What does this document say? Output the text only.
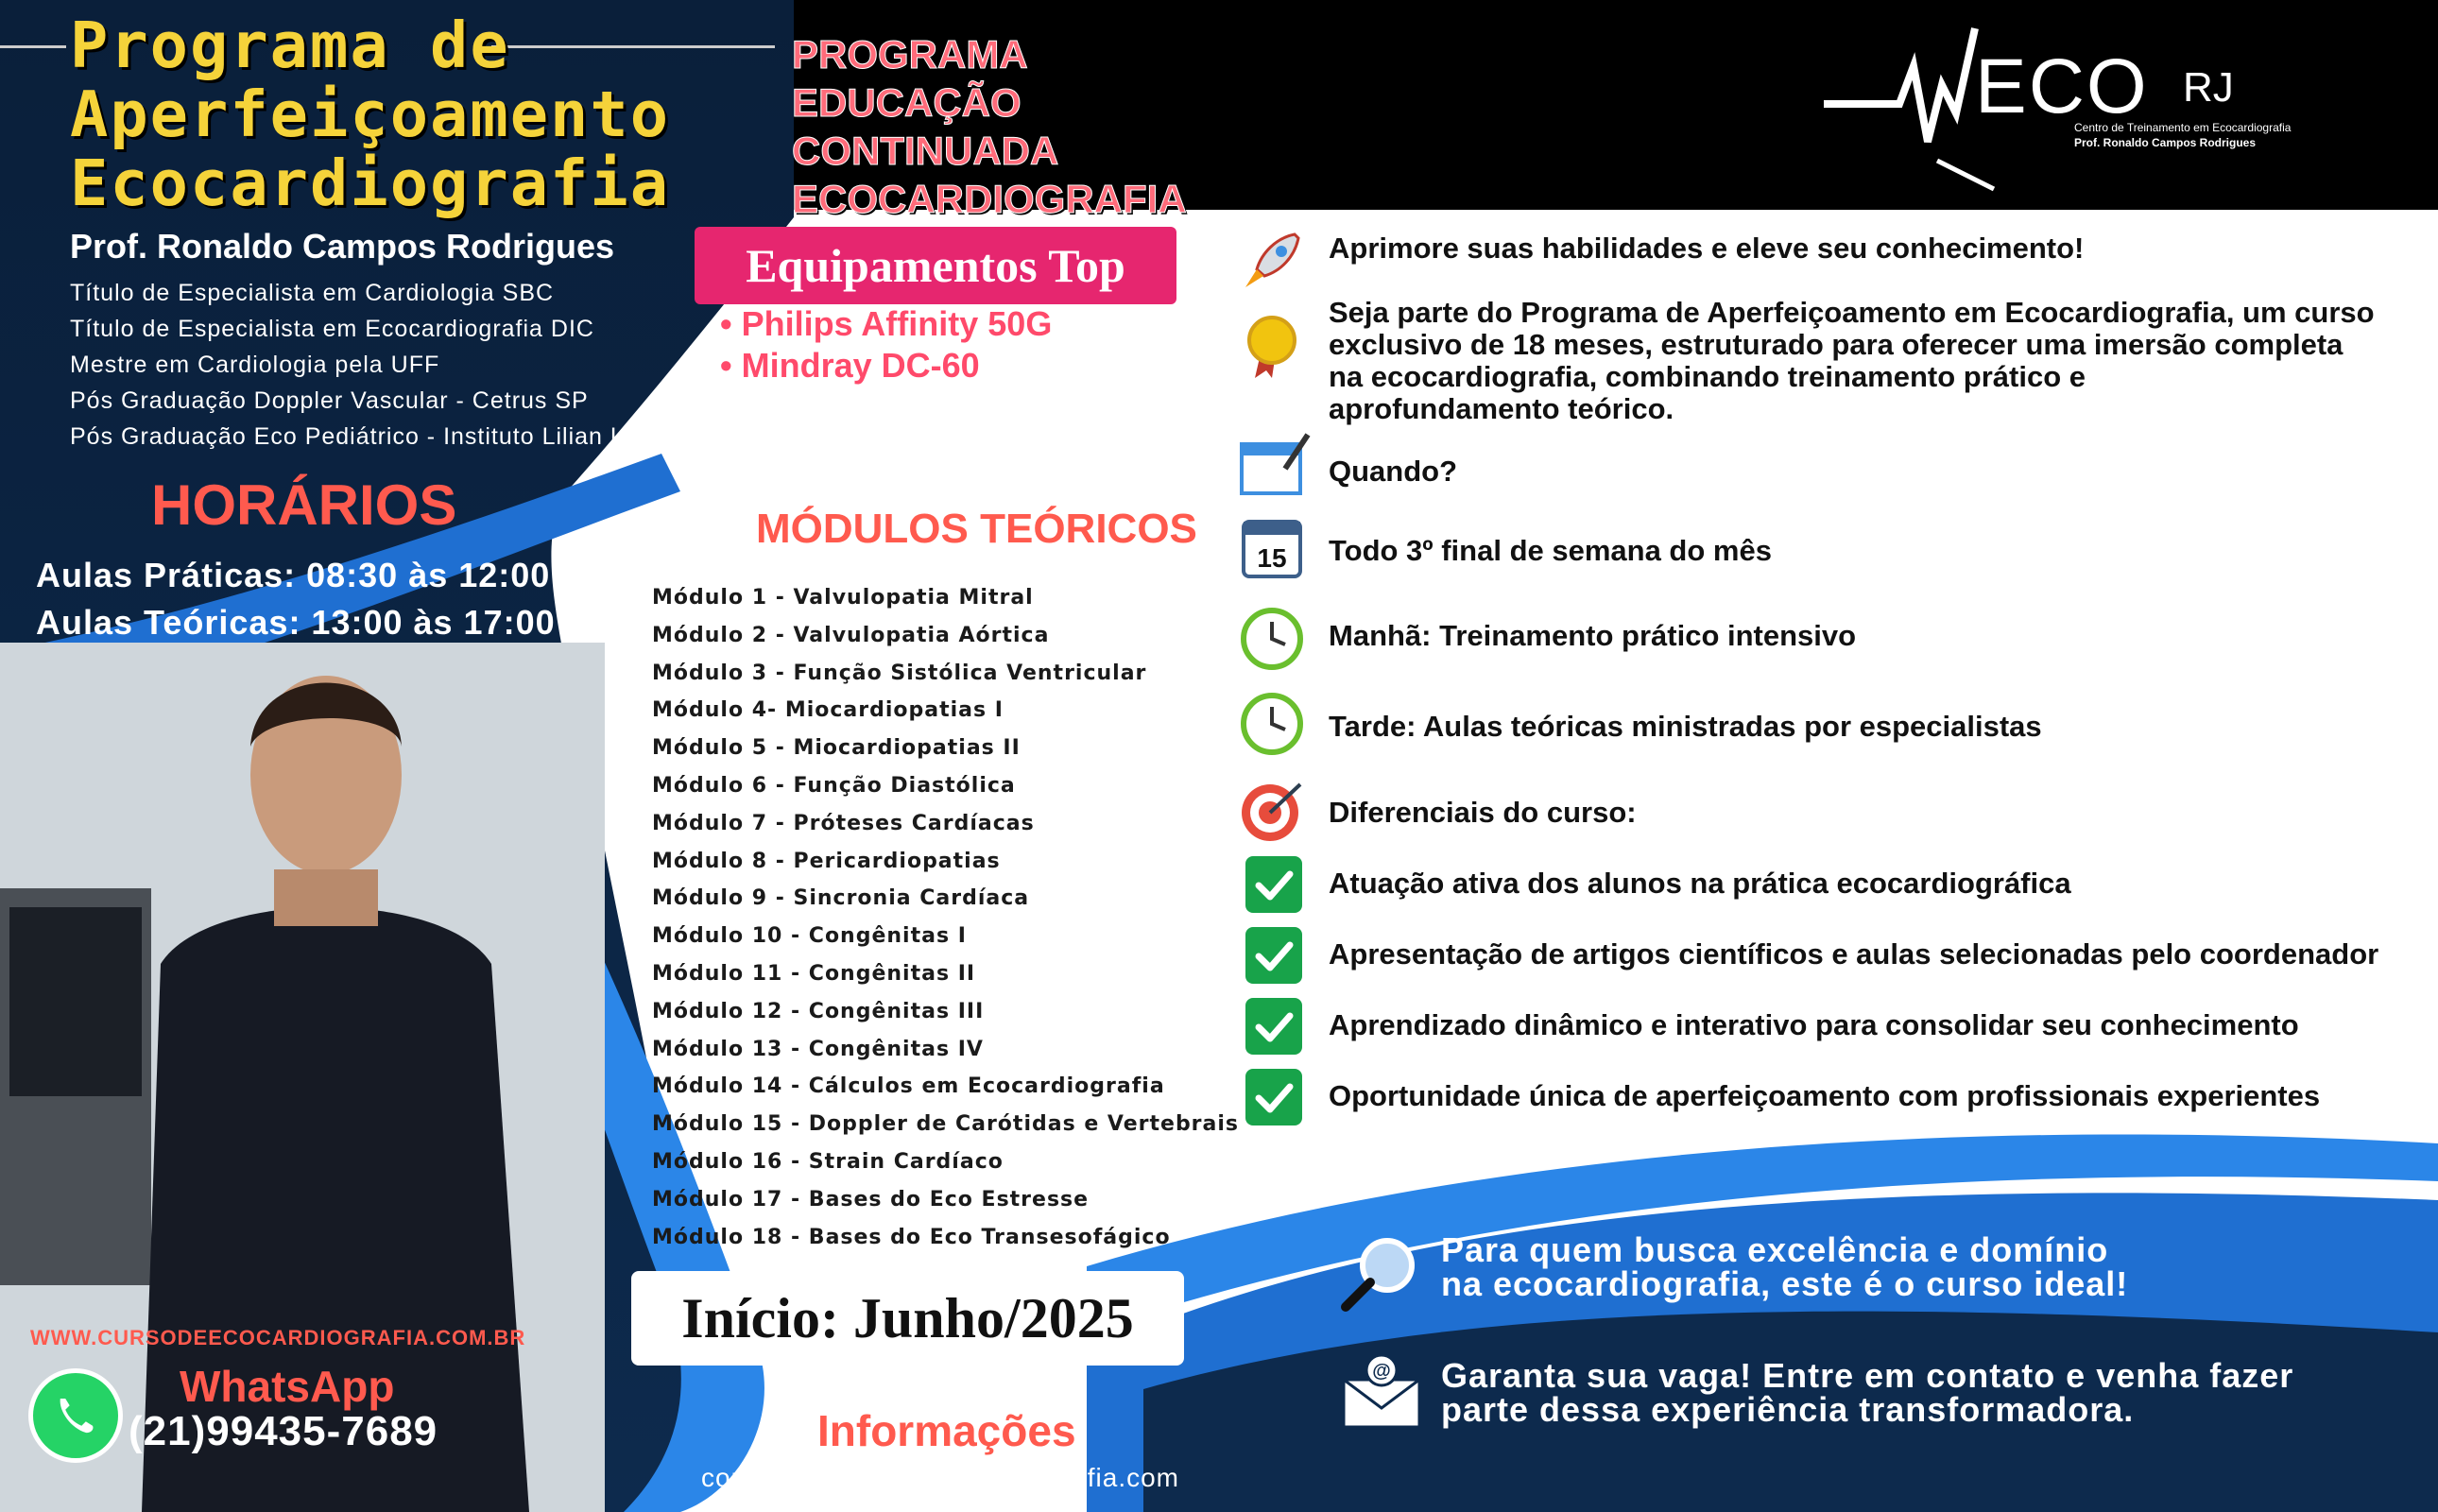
Programa de
Aperfeiçoamento
Ecocardiografia
Prof. Ronaldo Campos Rodrigues
Título de Especialista em Cardiologia SBC
Título de Especialista em Ecocardiografia DIC
Mestre em Cardiologia pela UFF
Pós Graduação Doppler Vascular - Cetrus SP
Pós Graduação Eco Pediátrico - Instituto Lilian Lopes SP
HORÁRIOS
Aulas Práticas: 08:30 às 12:00
Aulas Teóricas: 13:00 às 17:00
PROGRAMA
EDUCAÇÃO
CONTINUADA
ECOCARDIOGRAFIA
ECO RJ
Centro de Treinamento em Ecocardiografia
Prof. Ronaldo Campos Rodrigues
Equipamentos Top
• Philips Affinity 50G
• Mindray DC-60
MÓDULOS TEÓRICOS
Início: Junho/2025
WWW.CURSODEECOCARDIOGRAFIA.COM.BR
WhatsApp
(21)99435-7689	Informações
contato@cursodeecocardiografia.com
Aprimore suas habilidades e eleve seu conhecimento!
Seja parte do Programa de Aperfeiçoamento em Ecocardiografia, um curso
exclusivo de 18 meses, estruturado para oferecer uma imersão completa
na ecocardiografia, combinando treinamento prático e
aprofundamento teórico.
Quando?
15 Todo 3º final de semana do mês
Manhã: Treinamento prático intensivo
Tarde: Aulas teóricas ministradas por especialistas
Diferenciais do curso:
Para quem busca excelência e domínio
na ecocardiografia, este é o curso ideal!
@ Garanta sua vaga! Entre em contato e venha fazer
parte dessa experiência transformadora.
Módulo 1 - Valvulopatia Mitral
Módulo 2 - Valvulopatia Aórtica
Módulo 3 - Função Sistólica Ventricular
Módulo 4- Miocardiopatias I
Módulo 5 - Miocardiopatias II
Módulo 6 - Função Diastólica
Módulo 7 - Próteses Cardíacas
Módulo 8 - Pericardiopatias
Módulo 9 - Sincronia Cardíaca
Módulo 10 - Congênitas I
Módulo 11 - Congênitas II
Módulo 12 - Congênitas III
Módulo 13 - Congênitas IV
Módulo 14 - Cálculos em Ecocardiografia
Módulo 15 - Doppler de Carótidas e Vertebrais
Módulo 16 - Strain Cardíaco
Módulo 17 - Bases do Eco Estresse
Módulo 18 - Bases do Eco Transesofágico
Atuação ativa dos alunos na prática ecocardiográfica
Apresentação de artigos científicos e aulas selecionadas pelo coordenador
Aprendizado dinâmico e interativo para consolidar seu conhecimento
Oportunidade única de aperfeiçoamento com profissionais experientes
